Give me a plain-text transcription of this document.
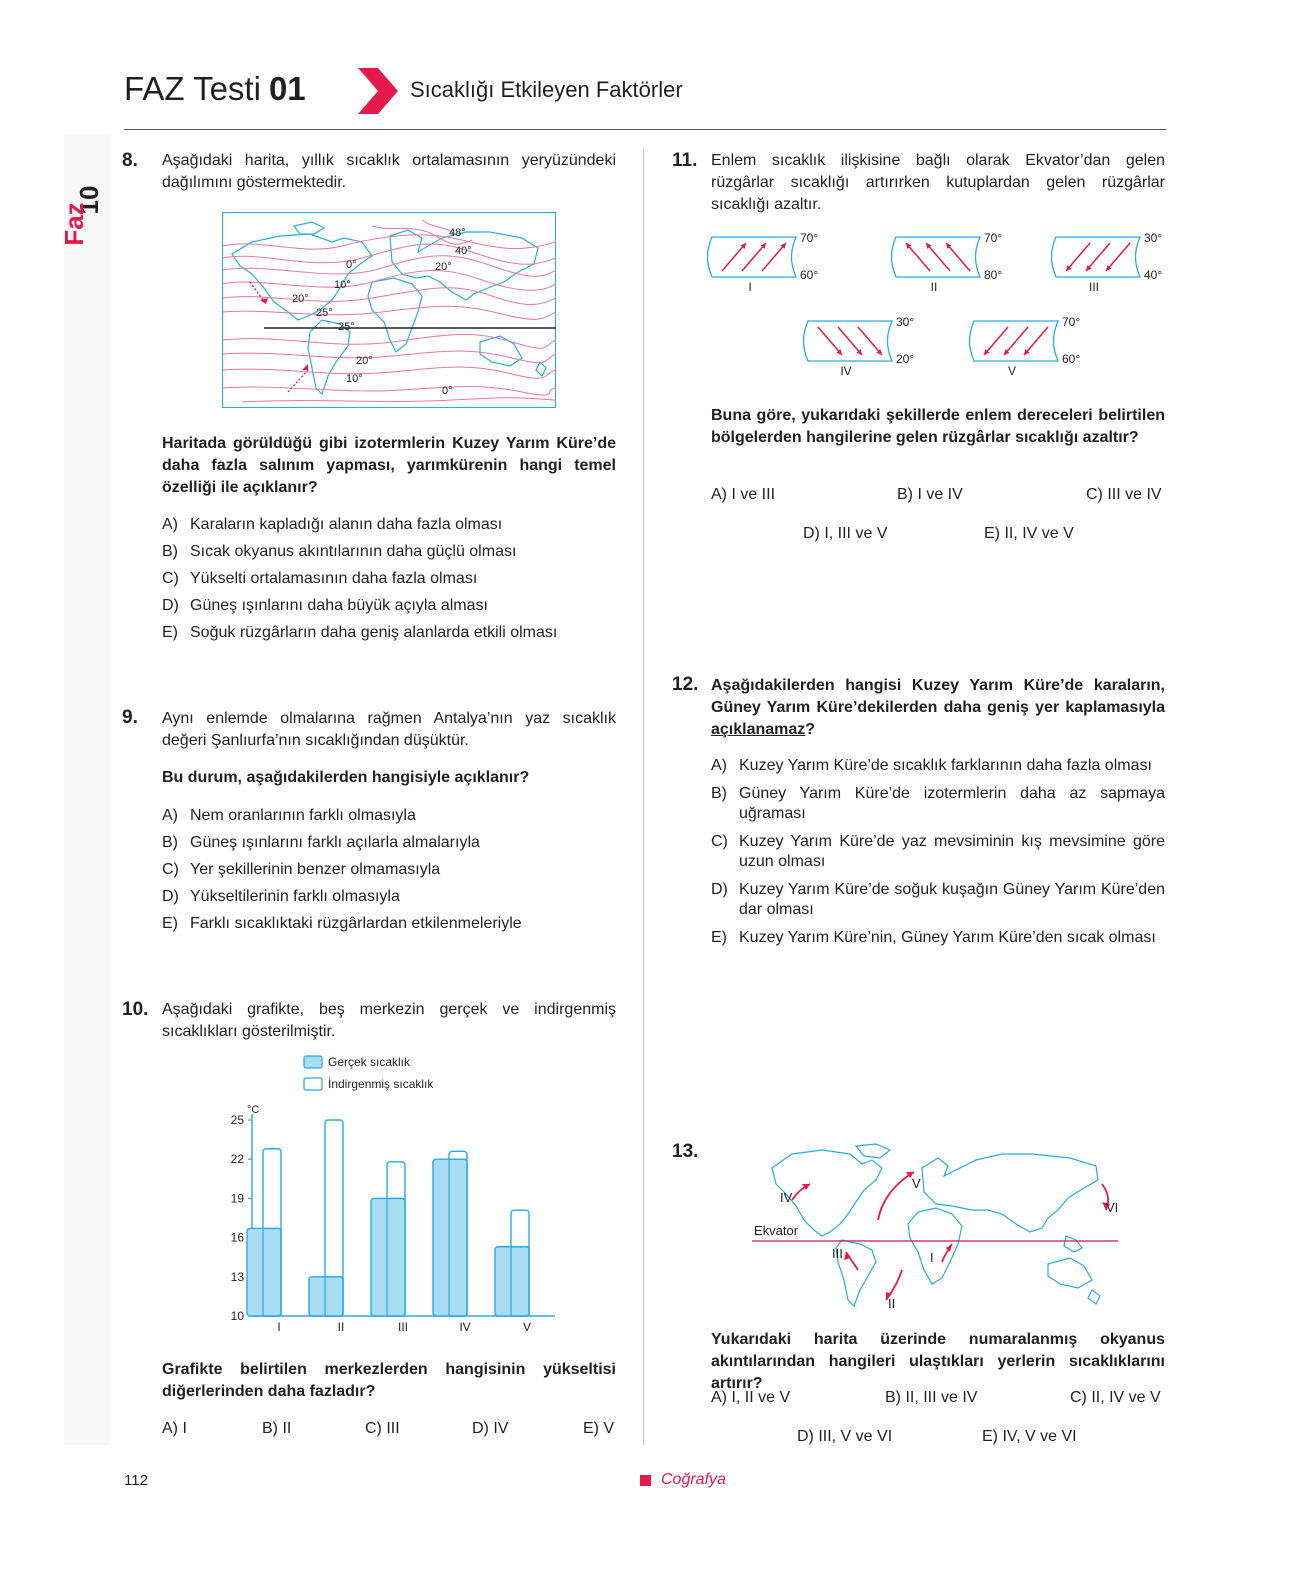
10
Faz
FAZ Testi 01	Sıcaklığı Etkileyen Faktörler
8. Aşağıdaki harita, yıllık sıcaklık ortalamasının yeryüzündeki dağılımını göstermektedir.
48°
40°
20°
0°
10°
20°
25°
25°
20°
10°
0°
Haritada görüldüğü gibi izotermlerin Kuzey Yarım Küre’de daha fazla salınım yapması, yarımkürenin hangi temel özelliği ile açıklanır?
A) Karaların kapladığı alanın daha fazla olması
B) Sıcak okyanus akıntılarının daha güçlü olması
C) Yükselti ortalamasının daha fazla olması
D) Güneş ışınlarını daha büyük açıyla alması
E) Soğuk rüzgârların daha geniş alanlarda etkili olması
9. Aynı enlemde olmalarına rağmen Antalya’nın yaz sıcaklık değeri Şanlıurfa’nın sıcaklığından düşüktür.
Bu durum, aşağıdakilerden hangisiyle açıklanır?
A) Nem oranlarının farklı olmasıyla
B) Güneş ışınlarını farklı açılarla almalarıyla
C) Yer şekillerinin benzer olmamasıyla
D) Yükseltilerinin farklı olmasıyla
E) Farklı sıcaklıktaki rüzgârlardan etkilenmeleriyle
10. Aşağıdaki grafikte, beş merkezin gerçek ve indirgenmiş sıcaklıkları gösterilmiştir.
Gerçek sıcaklık
İndirgenmiş sıcaklık
°C
10
13
16
19
22
25
I	II	III	IV	V
Grafikte belirtilen merkezlerden hangisinin yükseltisi diğerlerinden daha fazladır?
A) I	B) II	C) III	D) IV	E) V
11. Enlem sıcaklık ilişkisine bağlı olarak Ekvator’dan gelen rüzgârlar sıcaklığı artırırken kutuplardan gelen rüzgârlar sıcaklığı azaltır.
70°
60°
I
70°
80°
II
30°
40°
III
30°
20°
IV
70°
60°
V
Buna göre, yukarıdaki şekillerde enlem dereceleri belirtilen bölgelerden hangilerine gelen rüzgârlar sıcaklığı azaltır?
A) I ve III	B) I ve IV	C) III ve IV
D) I, III ve V	E) II, IV ve V
12. Aşağıdakilerden hangisi Kuzey Yarım Küre’de karaların, Güney Yarım Küre’dekilerden daha geniş yer kaplamasıyla açıklanamaz?
A) Kuzey Yarım Küre’de sıcaklık farklarının daha fazla olması
B) Güney Yarım Küre’de izotermlerin daha az sapmaya uğraması
C) Kuzey Yarım Küre’de yaz mevsiminin kış mevsimine göre uzun olması
D) Kuzey Yarım Küre’de soğuk kuşağın Güney Yarım Küre’den dar olması
E) Kuzey Yarım Küre’nin, Güney Yarım Küre’den sıcak olması
13.
Ekvator
IV
V
VI
III
II
I
Yukarıdaki harita üzerinde numaralanmış okyanus akıntılarından hangileri ulaştıkları yerlerin sıcaklıklarını artırır?
A) I, II ve V	B) II, III ve IV	C) II, IV ve V
D) III, V ve VI	E) IV, V ve VI
112	Coğrafya
